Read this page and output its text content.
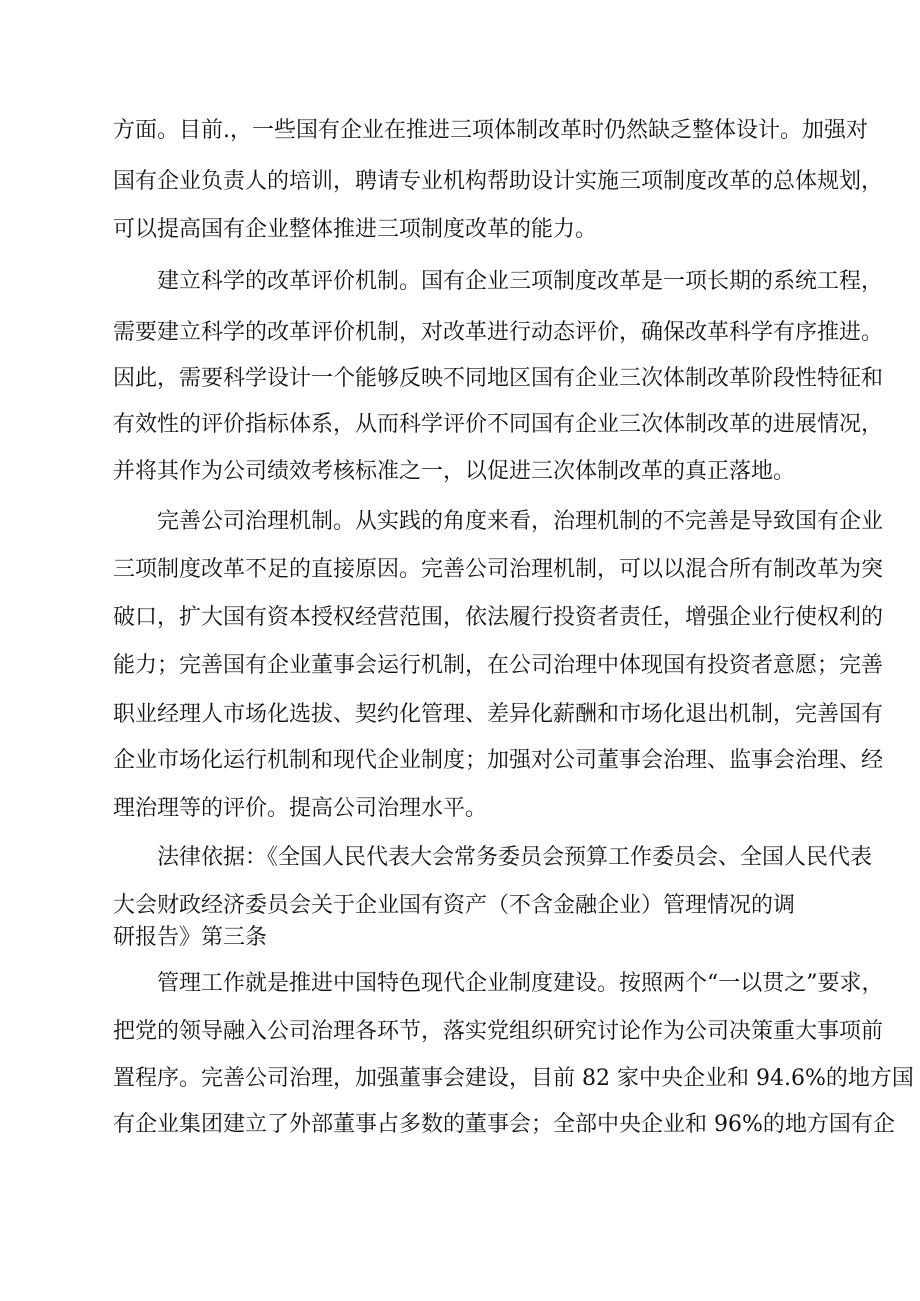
方面。目前.，一些国有企业在推进三项体制改革时仍然缺乏整体设计。加强对
国有企业负责人的培训，聘请专业机构帮助设计实施三项制度改革的总体规划，
可以提高国有企业整体推进三项制度改革的能力。
建立科学的改革评价机制。国有企业三项制度改革是一项长期的系统工程，
需要建立科学的改革评价机制，对改革进行动态评价，确保改革科学有序推进。
因此，需要科学设计一个能够反映不同地区国有企业三次体制改革阶段性特征和
有效性的评价指标体系，从而科学评价不同国有企业三次体制改革的进展情况，
并将其作为公司绩效考核标准之一，以促进三次体制改革的真正落地。
完善公司治理机制。从实践的角度来看，治理机制的不完善是导致国有企业
三项制度改革不足的直接原因。完善公司治理机制，可以以混合所有制改革为突
破口，扩大国有资本授权经营范围，依法履行投资者责任，增强企业行使权利的
能力；完善国有企业董事会运行机制，在公司治理中体现国有投资者意愿；完善
职业经理人市场化选拔、契约化管理、差异化薪酬和市场化退出机制，完善国有
企业市场化运行机制和现代企业制度；加强对公司董事会治理、监事会治理、经
理治理等的评价。提高公司治理水平。
法律依据：《全国人民代表大会常务委员会预算工作委员会、全国人民代表
大会财政经济委员会关于企业国有资产（不含金融企业）管理情况的调
研报告》第三条
管理工作就是推进中国特色现代企业制度建设。按照两个“一以贯之”要求，
把党的领导融入公司治理各环节，落实党组织研究讨论作为公司决策重大事项前
置程序。完善公司治理，加强董事会建设，目前 82 家中央企业和 94.6%的地方国
有企业集团建立了外部董事占多数的董事会；全部中央企业和 96%的地方国有企
